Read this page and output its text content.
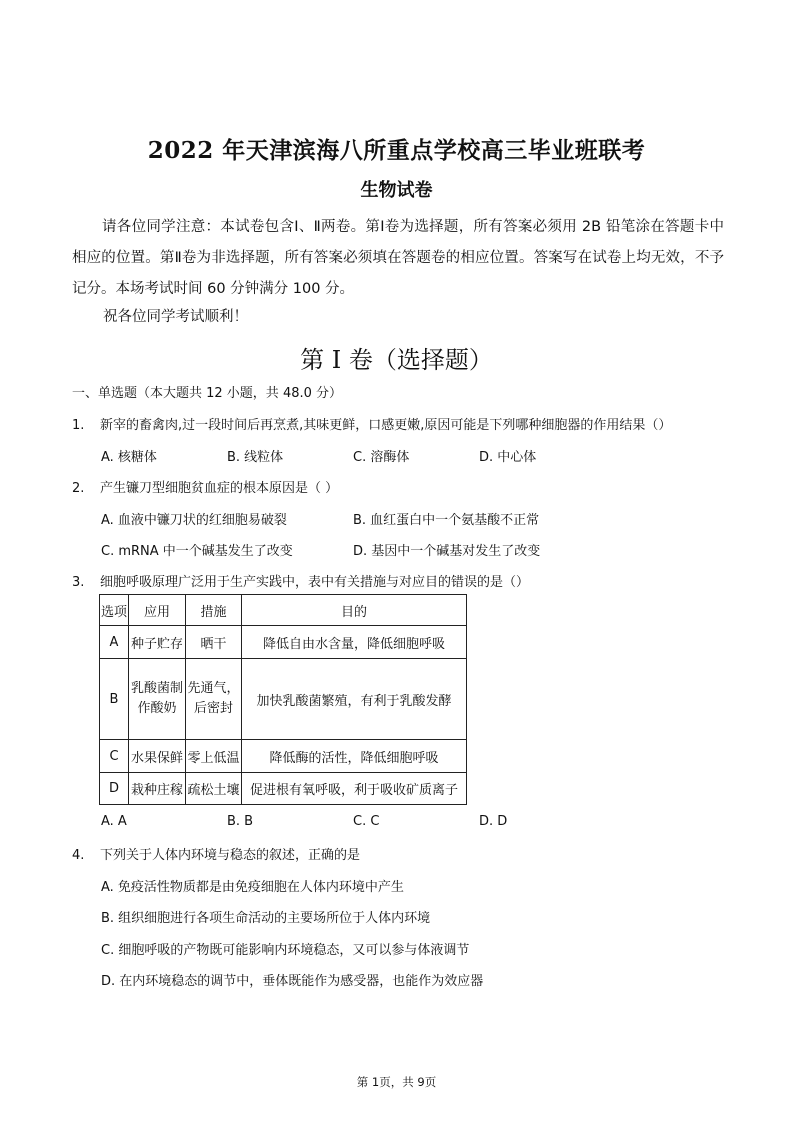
2022 年天津滨海八所重点学校高三毕业班联考
生物试卷
请各位同学注意：本试卷包含Ⅰ、Ⅱ两卷。第Ⅰ卷为选择题，所有答案必须用 2B 铅笔涂在答题卡中相应的位置。第Ⅱ卷为非选择题，所有答案必须填在答题卷的相应位置。答案写在试卷上均无效，不予记分。本场考试时间 60 分钟满分 100 分。
祝各位同学考试顺利！
第 I 卷（选择题）
一、单选题（本大题共 12 小题，共 48.0 分）
1. 新宰的畜禽肉,过一段时间后再烹煮,其味更鲜，口感更嫩,原因可能是下列哪种细胞器的作用结果（）
A. 核糖体	B. 线粒体	C. 溶酶体	D. 中心体
2. 产生镰刀型细胞贫血症的根本原因是（ ）
A. 血液中镰刀状的红细胞易破裂	B. 血红蛋白中一个氨基酸不正常
C. mRNA 中一个碱基发生了改变	D. 基因中一个碱基对发生了改变
3. 细胞呼吸原理广泛用于生产实践中，表中有关措施与对应目的错误的是（）
选项	应用	措施	目的
A	种子贮存	晒干	降低自由水含量，降低细胞呼吸
B	乳酸菌制作酸奶	先通气，后密封	加快乳酸菌繁殖，有利于乳酸发酵
C	水果保鲜	零上低温	降低酶的活性，降低细胞呼吸
D	栽种庄稼	疏松土壤	促进根有氧呼吸，利于吸收矿质离子
A. A	B. B	C. C	D. D
4. 下列关于人体内环境与稳态的叙述，正确的是
A. 免疫活性物质都是由免疫细胞在人体内环境中产生
B. 组织细胞进行各项生命活动的主要场所位于人体内环境
C. 细胞呼吸的产物既可能影响内环境稳态，又可以参与体液调节
D. 在内环境稳态的调节中，垂体既能作为感受器，也能作为效应器
第 1页，共 9页
